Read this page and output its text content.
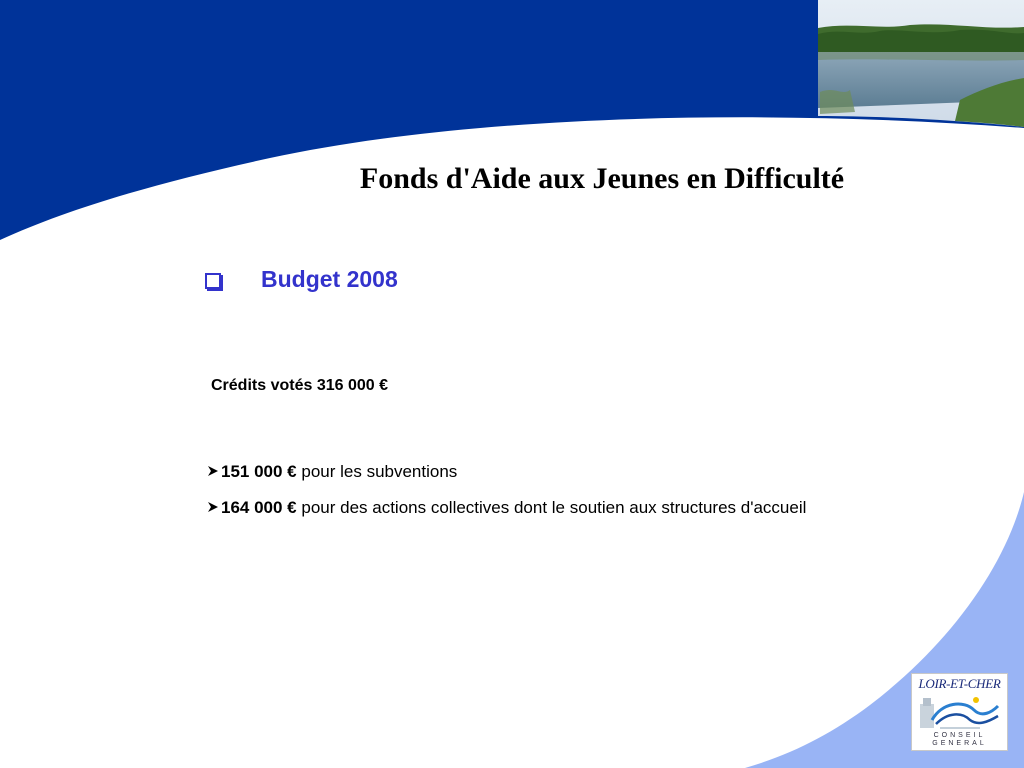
Fonds d'Aide aux Jeunes en Difficulté
Budget 2008
Crédits votés 316 000 €
151 000 € pour les subventions
164 000 € pour des actions collectives dont le soutien aux structures d'accueil
LOIR-ET-CHER
CONSEIL
GENERAL
